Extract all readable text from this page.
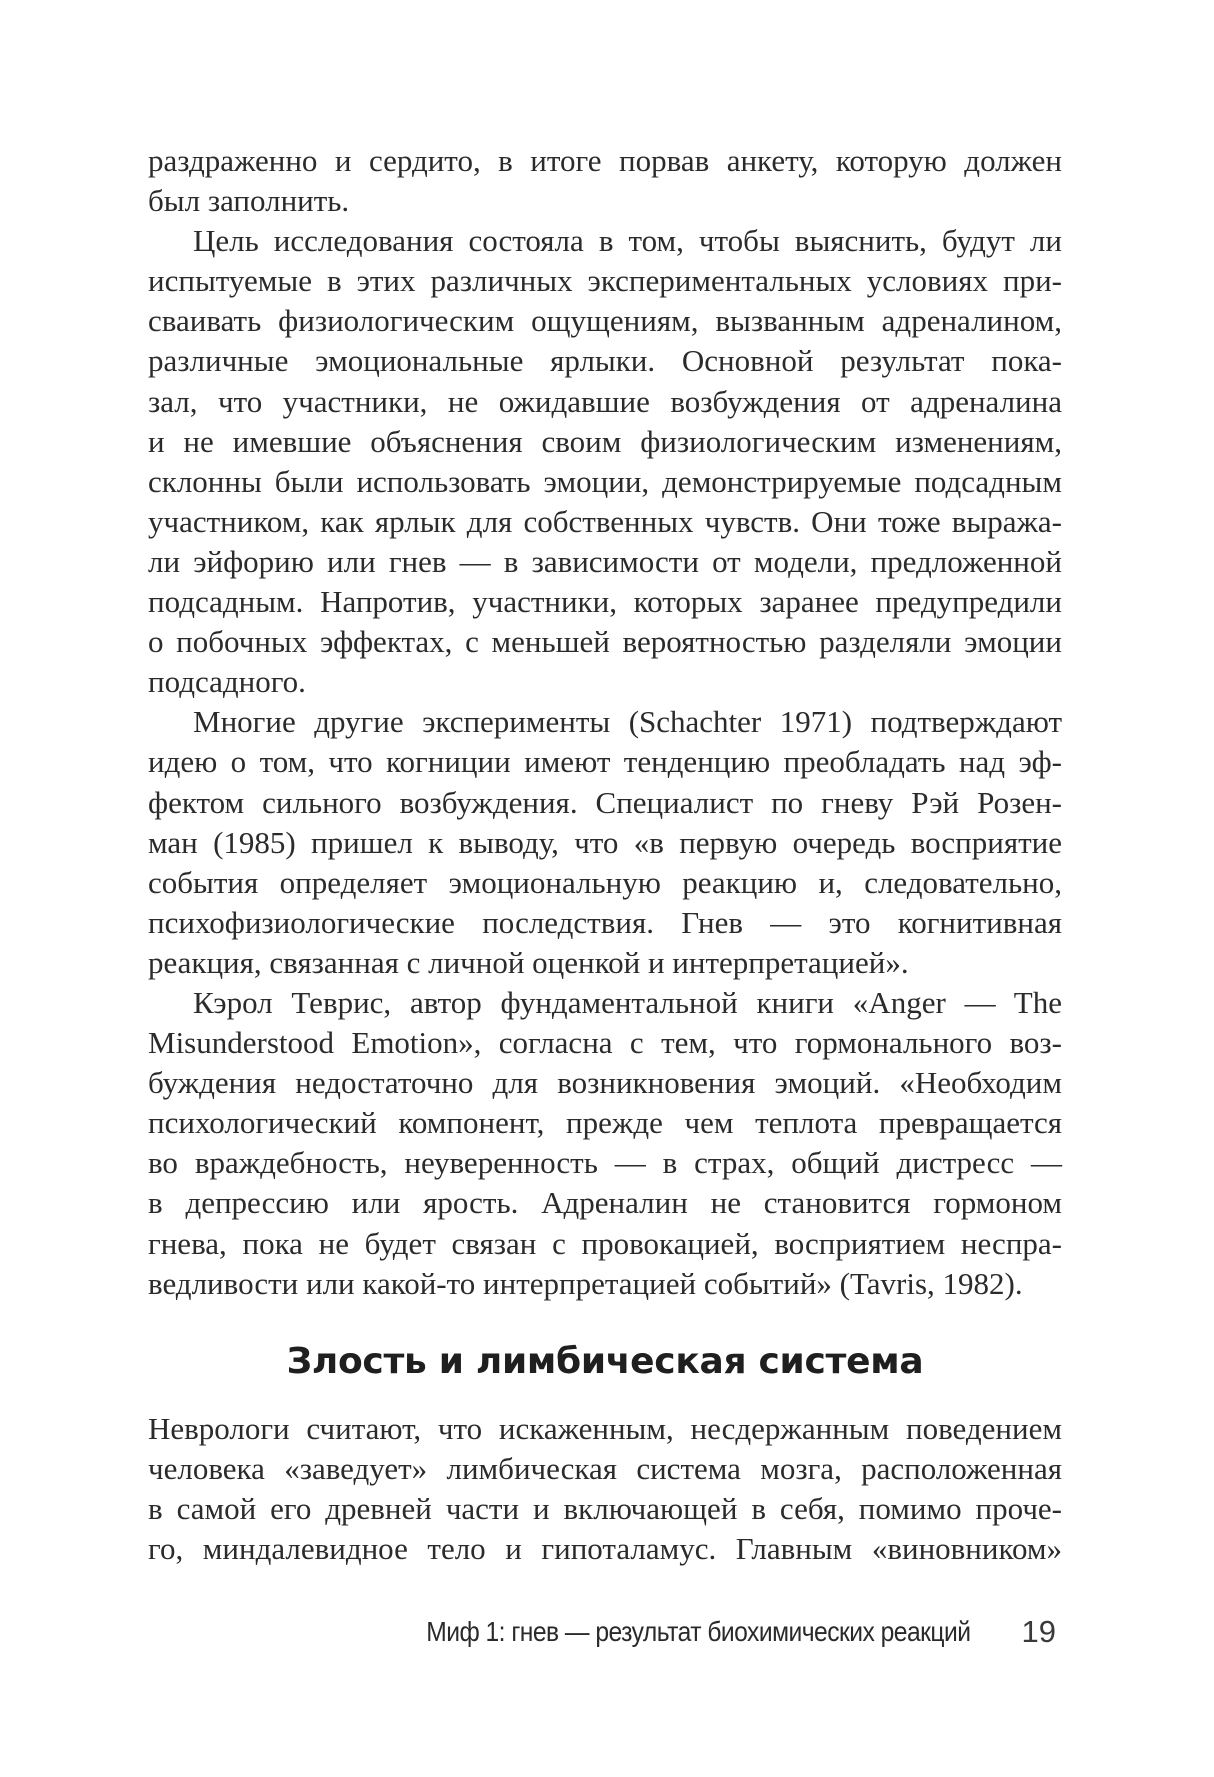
раздраженно и сердито, в итоге порвав анкету, которую должен
был заполнить.

Цель исследования состояла в том, чтобы выяснить, будут ли
испытуемые в этих различных экспериментальных условиях при-
сваивать физиологическим ощущениям, вызванным адреналином,
различные эмоциональные ярлыки. Основной результат пока-
зал, что участники, не ожидавшие возбуждения от адреналина
и не имевшие объяснения своим физиологическим изменениям,
склонны были использовать эмоции, демонстрируемые подсадным
участником, как ярлык для собственных чувств. Они тоже выража-
ли эйфорию или гнев — в зависимости от модели, предложенной
подсадным. Напротив, участники, которых заранее предупредили
о побочных эффектах, с меньшей вероятностью разделяли эмоции
подсадного.

Многие другие эксперименты (Schachter 1971) подтверждают
идею о том, что когниции имеют тенденцию преобладать над эф-
фектом сильного возбуждения. Специалист по гневу Рэй Розен-
ман (1985) пришел к выводу, что «в первую очередь восприятие
события определяет эмоциональную реакцию и, следовательно,
психофизиологические последствия. Гнев — это когнитивная
реакция, связанная с личной оценкой и интерпретацией».

Кэрол Теврис, автор фундаментальной книги «Anger — The
Misunderstood Emotion», согласна с тем, что гормонального воз-
буждения недостаточно для возникновения эмоций. «Необходим
психологический компонент, прежде чем теплота превращается
во враждебность, неуверенность — в страх, общий дистресс —
в депрессию или ярость. Адреналин не становится гормоном
гнева, пока не будет связан с провокацией, восприятием неспра-
ведливости или какой-то интерпретацией событий» (Tavris, 1982).

Злость и лимбическая система

Неврологи считают, что искаженным, несдержанным поведением
человека «заведует» лимбическая система мозга, расположенная
в самой его древней части и включающей в себя, помимо проче-
го, миндалевидное тело и гипоталамус. Главным «виновником»

Миф 1: гнев — результат биохимических реакций 19
